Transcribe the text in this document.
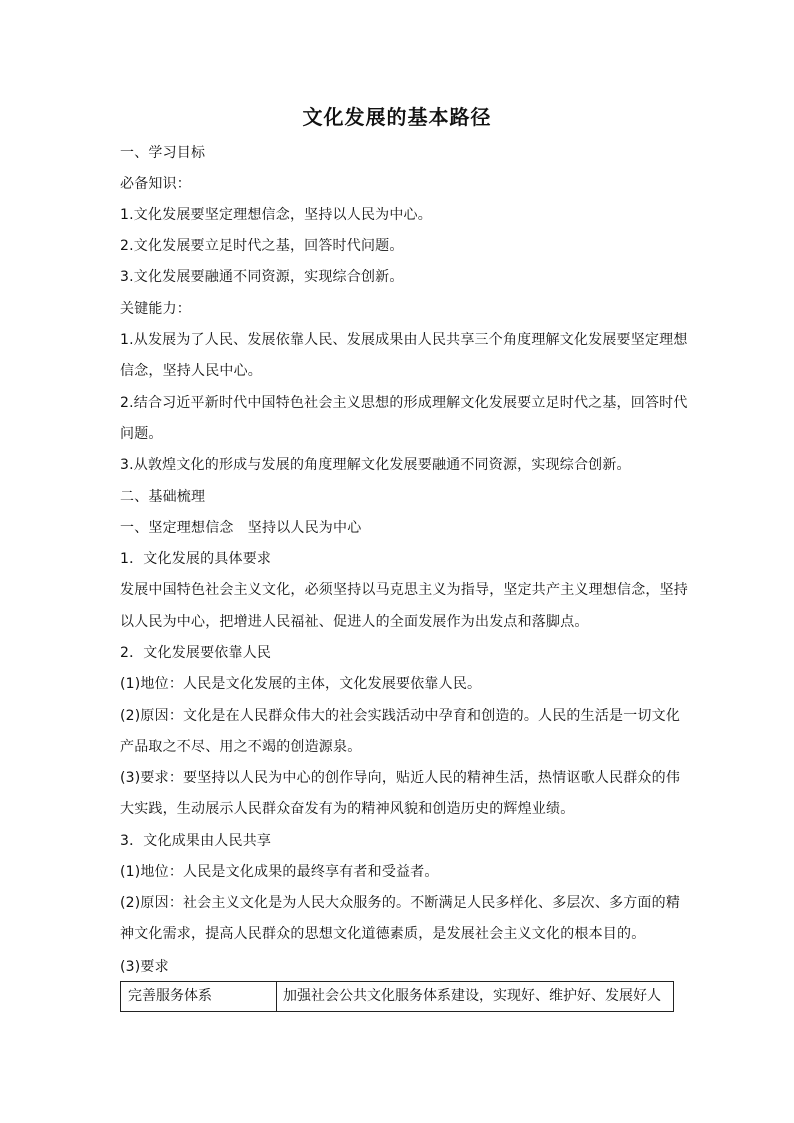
文化发展的基本路径
一、学习目标
必备知识：
1.文化发展要坚定理想信念，坚持以人民为中心。
2.文化发展要立足时代之基，回答时代问题。
3.文化发展要融通不同资源，实现综合创新。
关键能力：
1.从发展为了人民、发展依靠人民、发展成果由人民共享三个角度理解文化发展要坚定理想
信念，坚持人民中心。
2.结合习近平新时代中国特色社会主义思想的形成理解文化发展要立足时代之基，回答时代
问题。
3.从敦煌文化的形成与发展的角度理解文化发展要融通不同资源，实现综合创新。
二、基础梳理
一、坚定理想信念　坚持以人民为中心
1．文化发展的具体要求
发展中国特色社会主义文化，必须坚持以马克思主义为指导，坚定共产主义理想信念，坚持
以人民为中心，把增进人民福祉、促进人的全面发展作为出发点和落脚点。
2．文化发展要依靠人民
(1)地位：人民是文化发展的主体，文化发展要依靠人民。
(2)原因：文化是在人民群众伟大的社会实践活动中孕育和创造的。人民的生活是一切文化
产品取之不尽、用之不竭的创造源泉。
(3)要求：要坚持以人民为中心的创作导向，贴近人民的精神生活，热情讴歌人民群众的伟
大实践，生动展示人民群众奋发有为的精神风貌和创造历史的辉煌业绩。
3．文化成果由人民共享
(1)地位：人民是文化成果的最终享有者和受益者。
(2)原因：社会主义文化是为人民大众服务的。不断满足人民多样化、多层次、多方面的精
神文化需求，提高人民群众的思想文化道德素质，是发展社会主义文化的根本目的。
(3)要求
完善服务体系	加强社会公共文化服务体系建设，实现好、维护好、发展好人
